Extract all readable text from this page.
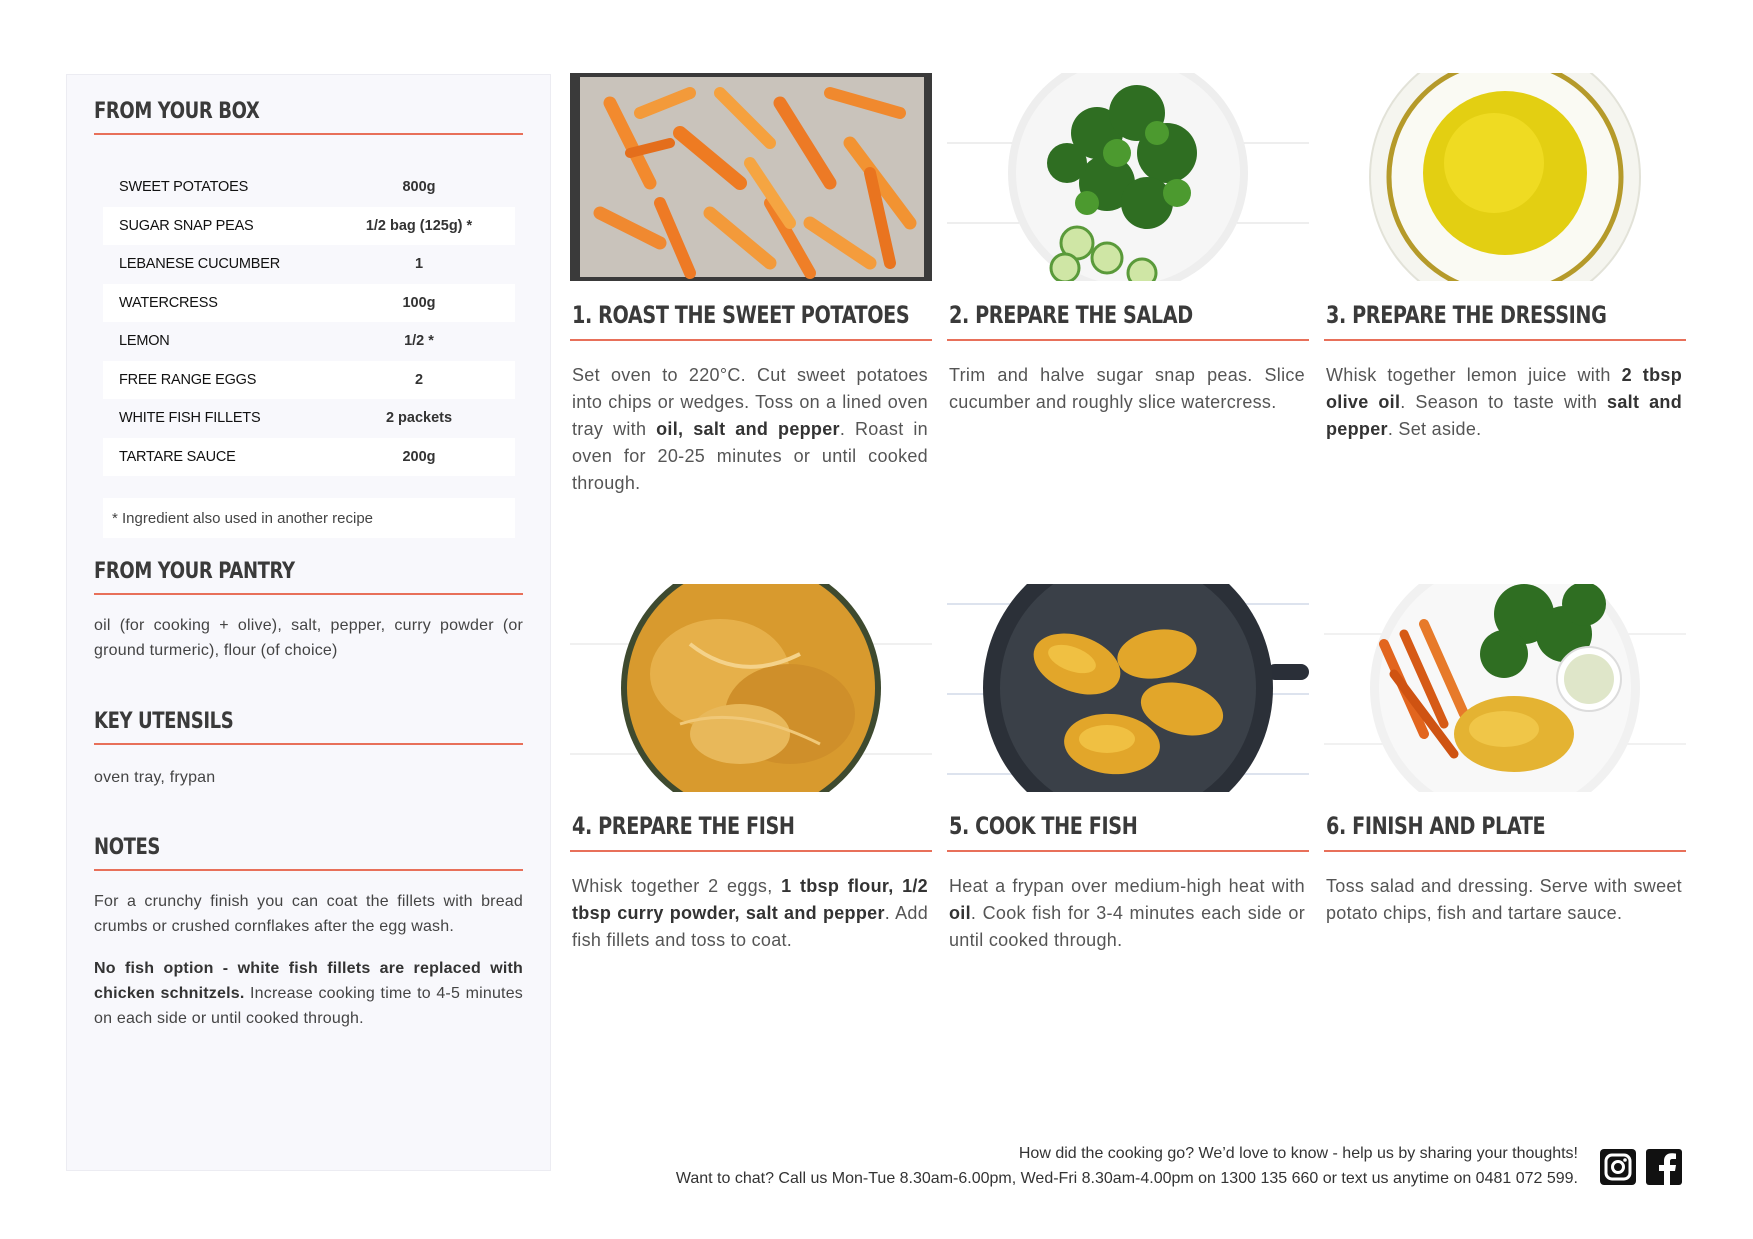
FROM YOUR BOX
SWEET POTATOES	800g
SUGAR SNAP PEAS	1/2 bag (125g) *
LEBANESE CUCUMBER	1
WATERCRESS	100g
LEMON	1/2 *
FREE RANGE EGGS	2
WHITE FISH FILLETS	2 packets
TARTARE SAUCE	200g
* Ingredient also used in another recipe
FROM YOUR PANTRY
oil (for cooking + olive), salt, pepper, curry powder (or ground turmeric), flour (of choice)
KEY UTENSILS
oven tray, frypan
NOTES
For a crunchy finish you can coat the fillets with bread crumbs or crushed cornflakes after the egg wash.
No fish option - white fish fillets are replaced with chicken schnitzels. Increase cooking time to 4-5 minutes on each side or until cooked through.
1. ROAST THE SWEET POTATOES
Set oven to 220°C. Cut sweet potatoes into chips or wedges. Toss on a lined oven tray with oil, salt and pepper. Roast in oven for 20-25 minutes or until cooked through.
2. PREPARE THE SALAD
Trim and halve sugar snap peas. Slice cucumber and roughly slice watercress.
3. PREPARE THE DRESSING
Whisk together lemon juice with 2 tbsp olive oil. Season to taste with salt and pepper. Set aside.
4. PREPARE THE FISH
Whisk together 2 eggs, 1 tbsp flour, 1/2 tbsp curry powder, salt and pepper. Add fish fillets and toss to coat.
5. COOK THE FISH
Heat a frypan over medium-high heat with oil. Cook fish for 3-4 minutes each side or until cooked through.
6. FINISH AND PLATE
Toss salad and dressing. Serve with sweet potato chips, fish and tartare sauce.
How did the cooking go? We’d love to know - help us by sharing your thoughts!
Want to chat? Call us Mon-Tue 8.30am-6.00pm, Wed-Fri 8.30am-4.00pm on 1300 135 660 or text us anytime on 0481 072 599.
